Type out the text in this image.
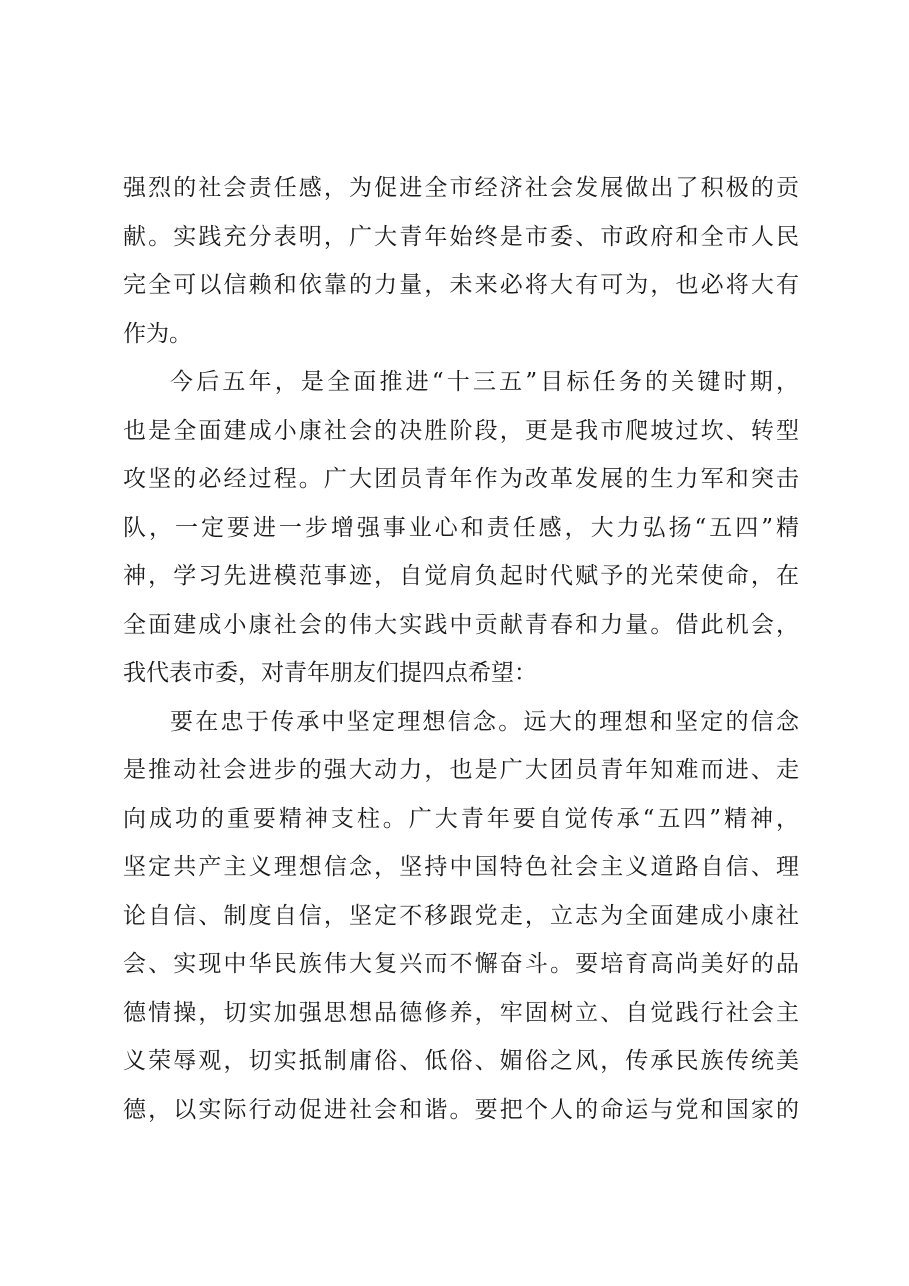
强烈的社会责任感，为促进全市经济社会发展做出了积极的贡
献。实践充分表明，广大青年始终是市委、市政府和全市人民
完全可以信赖和依靠的力量，未来必将大有可为，也必将大有
作为。
今后五年，是全面推进“十三五”目标任务的关键时期，
也是全面建成小康社会的决胜阶段，更是我市爬坡过坎、转型
攻坚的必经过程。广大团员青年作为改革发展的生力军和突击
队，一定要进一步增强事业心和责任感，大力弘扬“五四”精
神，学习先进模范事迹，自觉肩负起时代赋予的光荣使命，在
全面建成小康社会的伟大实践中贡献青春和力量。借此机会，
我代表市委，对青年朋友们提四点希望：
要在忠于传承中坚定理想信念。远大的理想和坚定的信念
是推动社会进步的强大动力，也是广大团员青年知难而进、走
向成功的重要精神支柱。广大青年要自觉传承“五四”精神，
坚定共产主义理想信念，坚持中国特色社会主义道路自信、理
论自信、制度自信，坚定不移跟党走，立志为全面建成小康社
会、实现中华民族伟大复兴而不懈奋斗。要培育高尚美好的品
德情操，切实加强思想品德修养，牢固树立、自觉践行社会主
义荣辱观，切实抵制庸俗、低俗、媚俗之风，传承民族传统美
德，以实际行动促进社会和谐。要把个人的命运与党和国家的
